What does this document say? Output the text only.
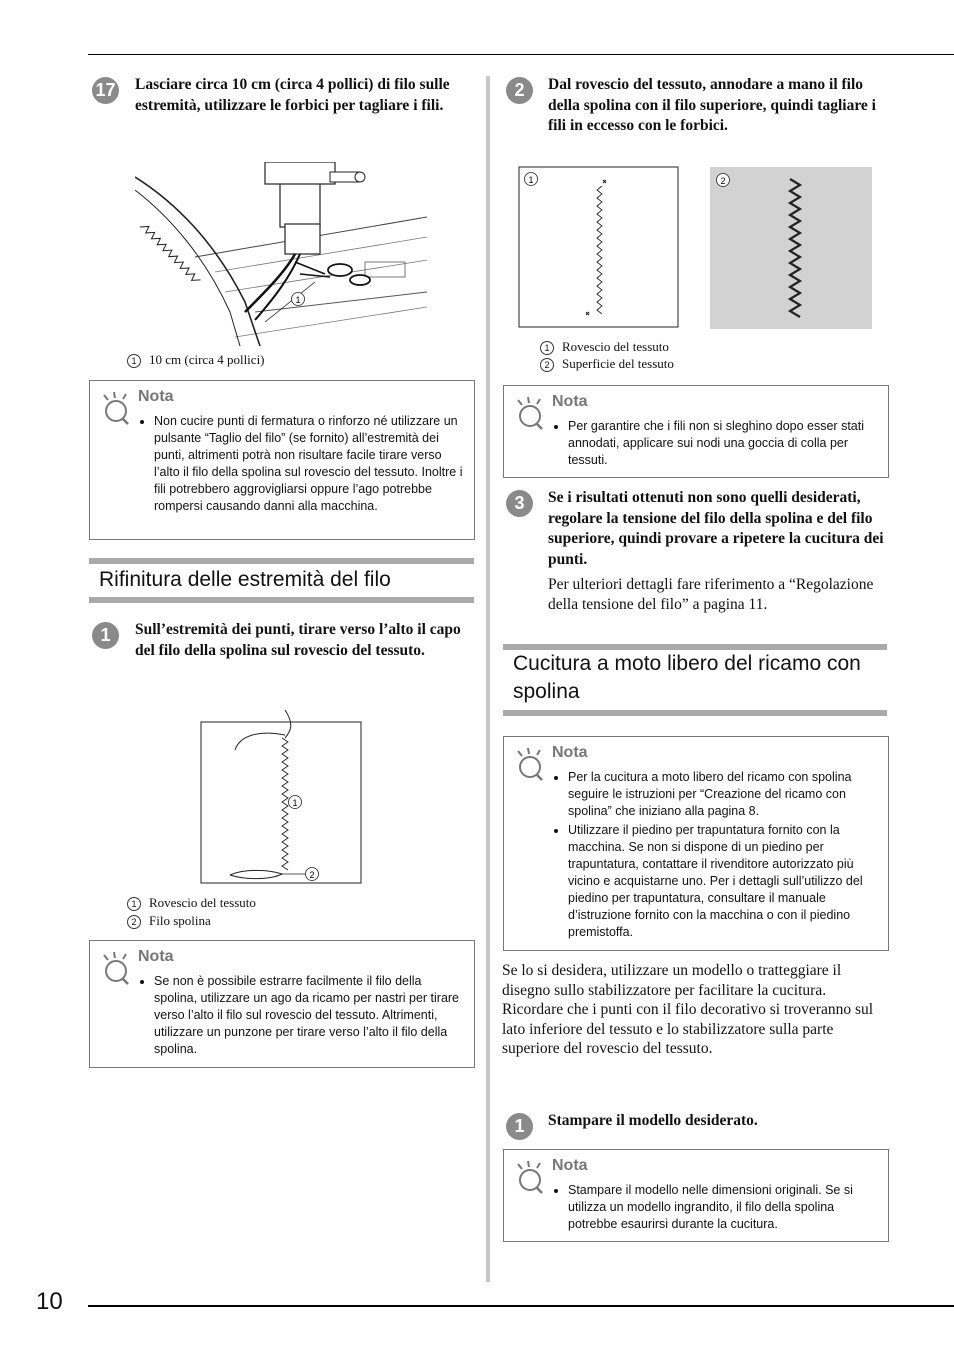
17 Lasciare circa 10 cm (circa 4 pollici) di filo sulle estremità, utilizzare le forbici per tagliare i fili.
1
1 10 cm (circa 4 pollici)
Nota
• Non cucire punti di fermatura o rinforzo né utilizzare un pulsante “Taglio del filo” (se fornito) all’estremità dei punti, altrimenti potrà non risultare facile tirare verso l’alto il filo della spolina sul rovescio del tessuto. Inoltre i fili potrebbero aggrovigliarsi oppure l’ago potrebbe rompersi causando danni alla macchina.
Rifinitura delle estremità del filo
1	Sull’estremità dei punti, tirare verso l’alto il capo del filo della spolina sul rovescio del tessuto.
1
2
1 Rovescio del tessuto
2 Filo spolina
Nota
• Se non è possibile estrarre facilmente il filo della spolina, utilizzare un ago da ricamo per nastri per tirare verso l’alto il filo sul rovescio del tessuto. Altrimenti, utilizzare un punzone per tirare verso l’alto il filo della spolina.
2	Dal rovescio del tessuto, annodare a mano il filo della spolina con il filo superiore, quindi tagliare i fili in eccesso con le forbici.
1	2
1 Rovescio del tessuto
2 Superficie del tessuto
Nota
• Per garantire che i fili non si sleghino dopo esser stati annodati, applicare sui nodi una goccia di colla per tessuti.
3	Se i risultati ottenuti non sono quelli desiderati, regolare la tensione del filo della spolina e del filo superiore, quindi provare a ripetere la cucitura dei punti.
Per ulteriori dettagli fare riferimento a “Regolazione della tensione del filo” a pagina 11.
Cucitura a moto libero del ricamo con
spolina
Nota
• Per la cucitura a moto libero del ricamo con spolina seguire le istruzioni per “Creazione del ricamo con spolina” che iniziano alla pagina 8.
• Utilizzare il piedino per trapuntatura fornito con la macchina. Se non si dispone di un piedino per trapuntatura, contattare il rivenditore autorizzato più vicino e acquistarne uno. Per i dettagli sull’utilizzo del piedino per trapuntatura, consultare il manuale d’istruzione fornito con la macchina o con il piedino premistoffa.
Se lo si desidera, utilizzare un modello o tratteggiare il disegno sullo stabilizzatore per facilitare la cucitura. Ricordare che i punti con il filo decorativo si troveranno sul lato inferiore del tessuto e lo stabilizzatore sulla parte superiore del rovescio del tessuto.
1	Stampare il modello desiderato.
Nota
• Stampare il modello nelle dimensioni originali. Se si utilizza un modello ingrandito, il filo della spolina potrebbe esaurirsi durante la cucitura.
10
